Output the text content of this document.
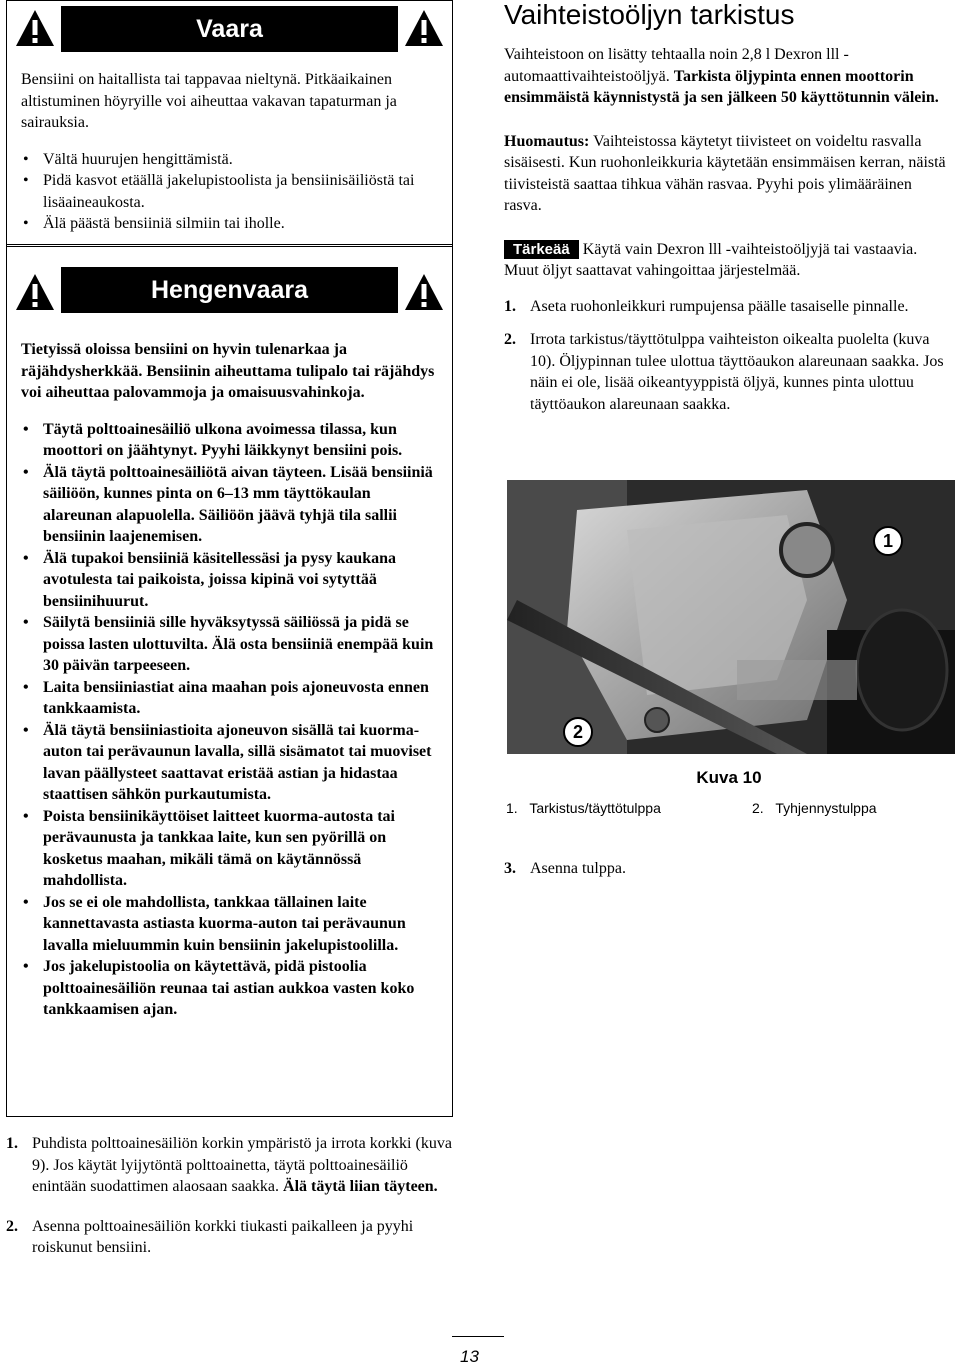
Vaara

Bensiini on haitallista tai tappavaa nieltynä. Pitkäaikainen altistuminen höyryille voi aiheuttaa vakavan tapaturman ja sairauksia.

• Vältä huurujen hengittämistä.
• Pidä kasvot etäällä jakelupistoolista ja bensiinisäiliöstä tai lisäaineaukosta.
• Älä päästä bensiiniä silmiin tai iholle.
Hengenvaara

Tietyissä oloissa bensiini on hyvin tulenarkaa ja räjähdysherkkää. Bensiinin aiheuttama tulipalo tai räjähdys voi aiheuttaa palovammoja ja omaisuusvahinkoja.

• Täytä polttoainesäiliö ulkona avoimessa tilassa, kun moottori on jäähtynyt. Pyyhi läikkynyt bensiini pois.
• Älä täytä polttoainesäiliötä aivan täyteen. Lisää bensiiniä säiliöön, kunnes pinta on 6–13 mm täyttökaulan alareunan alapuolella. Säiliöön jäävä tyhjä tila sallii bensiinin laajenemisen.
• Älä tupakoi bensiiniä käsitellessäsi ja pysy kaukana avotulesta tai paikoista, joissa kipinä voi sytyttää bensiinihuurut.
• Säilytä bensiiniä sille hyväksytyssä säiliössä ja pidä se poissa lasten ulottuvilta. Älä osta bensiiniä enempää kuin 30 päivän tarpeeseen.
• Laita bensiiniastiat aina maahan pois ajoneuvosta ennen tankkaamista.
• Älä täytä bensiiniastioita ajoneuvon sisällä tai kuorma-auton tai perävaunun lavalla, sillä sisämatot tai muoviset lavan päällysteet saattavat eristää astian ja hidastaa staattisen sähkön purkautumista.
• Poista bensiinikäyttöiset laitteet kuorma-autosta tai perävaunusta ja tankkaa laite, kun sen pyörillä on kosketus maahan, mikäli tämä on käytännössä mahdollista.
• Jos se ei ole mahdollista, tankkaa tällainen laite kannettavasta astiasta kuorma-auton tai perävaunun lavalla mieluummin kuin bensiinin jakelupistoolilla.
• Jos jakelupistoolia on käytettävä, pidä pistoolia polttoainesäiliön reunaa tai astian aukkoa vasten koko tankkaamisen ajan.
1. Puhdista polttoainesäiliön korkin ympäristö ja irrota korkki (kuva 9). Jos käytät lyijytöntä polttoainetta, täytä polttoainesäiliö enintään suodattimen alaosaan saakka. Älä täytä liian täyteen.
2. Asenna polttoainesäiliön korkki tiukasti paikalleen ja pyyhi roiskunut bensiini.
Vaihteistoöljyn tarkistus

Vaihteistoon on lisätty tehtaalla noin 2,8 l Dexron lll -automaattivaihteistoöljyä. Tarkista öljypinta ennen moottorin ensimmäistä käynnistystä ja sen jälkeen 50 käyttötunnin välein.

Huomautus: Vaihteistossa käytetyt tiivisteet on voideltu rasvalla sisäisesti. Kun ruohonleikkuria käytetään ensimmäisen kerran, näistä tiivisteistä saattaa tihkua vähän rasvaa. Pyyhi pois ylimääräinen rasva.

Tärkeää Käytä vain Dexron lll -vaihteistoöljyjä tai vastaavia. Muut öljyt saattavat vahingoittaa järjestelmää.

1. Aseta ruohonleikkuri rumpujensa päälle tasaiselle pinnalle.
2. Irrota tarkistus/täyttötulppa vaihteiston oikealta puolelta (kuva 10). Öljypinnan tulee ulottua täyttöaukon alareunaan saakka. Jos näin ei ole, lisää oikeantyyppistä öljyä, kunnes pinta ulottuu täyttöaukon alareunaan saakka.
1
2
Kuva 10
1. Tarkistus/täyttötulppa	2. Tyhjennystulppa
3. Asenna tulppa.
13
